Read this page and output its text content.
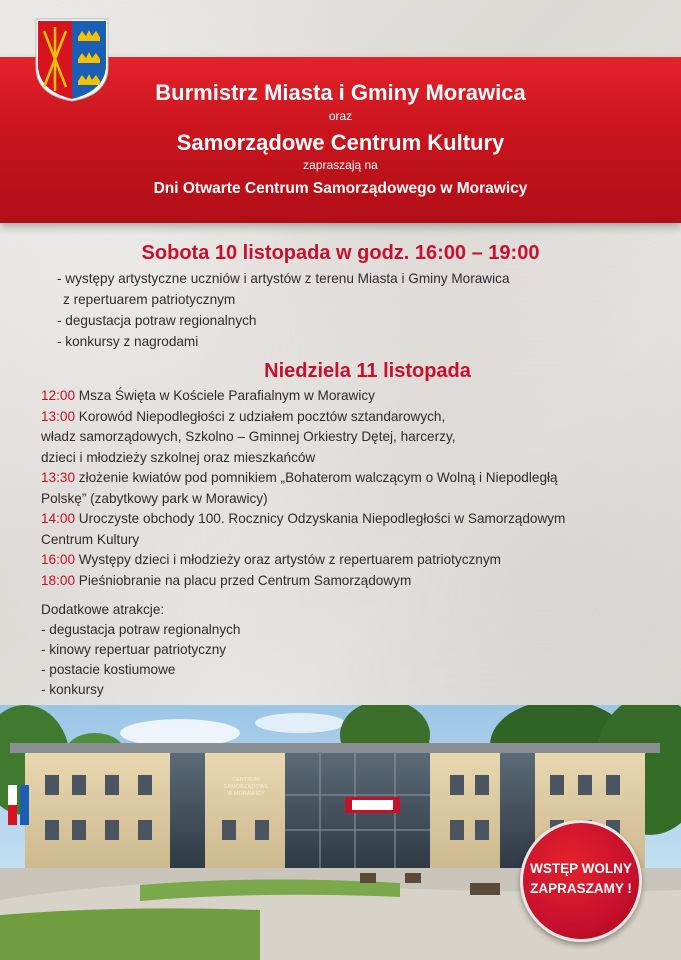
Burmistrz Miasta i Gminy Morawica
oraz
Samorządowe Centrum Kultury
zapraszają na
Dni Otwarte Centrum Samorządowego w Morawicy
Sobota 10 listopada w godz. 16:00 – 19:00
- występy artystyczne uczniów i artystów z terenu Miasta i Gminy Morawica
z repertuarem patriotycznym
- degustacja potraw regionalnych
- konkursy z nagrodami
Niedziela 11 listopada
12:00 Msza Święta w Kościele Parafialnym w Morawicy
13:00 Korowód Niepodległości z udziałem pocztów sztandarowych,
władz samorządowych, Szkolno – Gminnej Orkiestry Dętej, harcerzy,
dzieci i młodzieży szkolnej oraz mieszkańców
13:30 złożenie kwiatów pod pomnikiem „Bohaterom walczącym o Wolną i Niepodległą
Polskę” (zabytkowy park w Morawicy)
14:00 Uroczyste obchody 100. Rocznicy Odzyskania Niepodległości w Samorządowym
Centrum Kultury
16:00 Występy dzieci i młodzieży oraz artystów z repertuarem patriotycznym
18:00 Pieśniobranie na placu przed Centrum Samorządowym
Dodatkowe atrakcje:
- degustacja potraw regionalnych
- kinowy repertuar patriotyczny
- postacie kostiumowe
- konkursy
CENTRUM
SAMORZĄDOWE
W MORAWICY
WSTĘP WOLNY
ZAPRASZAMY !
